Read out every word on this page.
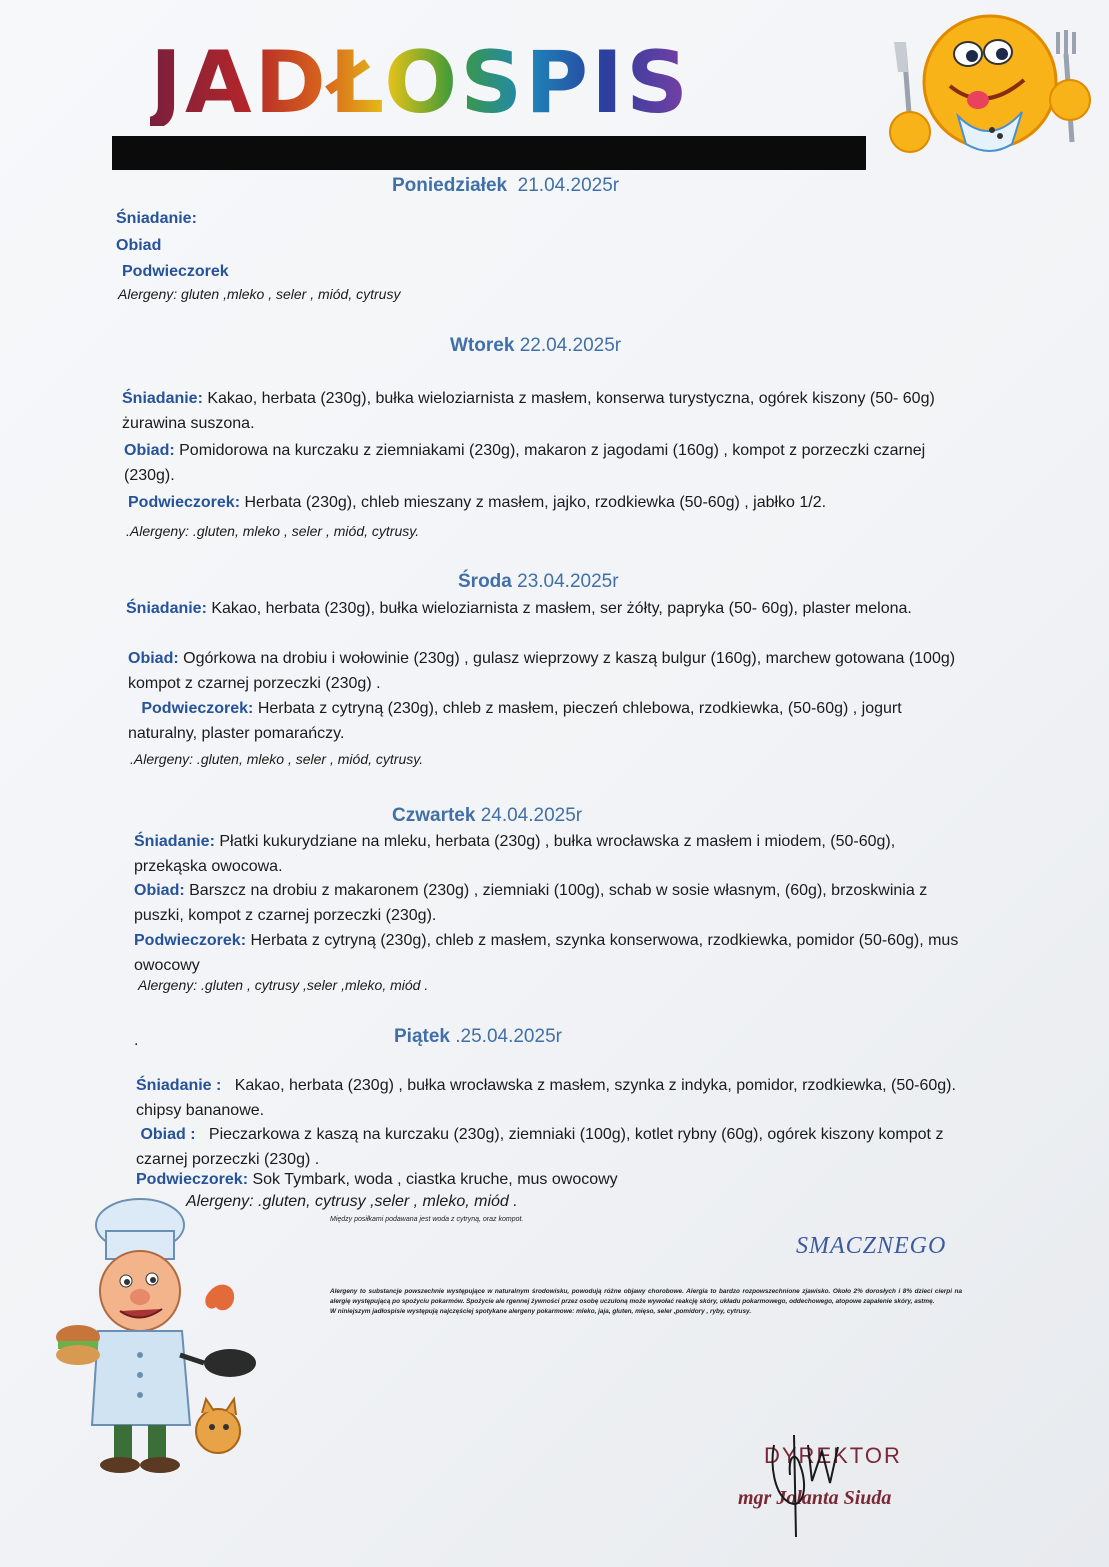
JADŁOSPIS
Poniedziałek 21.04.2025r
Śniadanie:
Obiad
Podwieczorek

Alergeny: gluten ,mleko , seler , miód, cytrusy

Wtorek 22.04.2025r

Śniadanie: Kakao, herbata (230g), bułka wieloziarnista z masłem, konserwa turystyczna, ogórek kiszony (50- 60g) żurawina suszona.

Obiad: Pomidorowa na kurczaku z ziemniakami (230g), makaron z jagodami (160g) , kompot z porzeczki czarnej (230g).

Podwieczorek: Herbata (230g), chleb mieszany z masłem, jajko, rzodkiewka (50-60g) , jabłko 1/2.

.Alergeny: .gluten, mleko , seler , miód, cytrusy.

Środa 23.04.2025r

Śniadanie: Kakao, herbata (230g), bułka wieloziarnista z masłem, ser żółty, papryka (50- 60g), plaster melona.

Obiad: Ogórkowa na drobiu i wołowinie (230g) , gulasz wieprzowy z kaszą bulgur (160g), marchew gotowana (100g) kompot z czarnej porzeczki (230g) .

Podwieczorek: Herbata z cytryną (230g), chleb z masłem, pieczeń chlebowa, rzodkiewka, (50-60g) , jogurt naturalny, plaster pomarańczy.

.Alergeny: .gluten, mleko , seler , miód, cytrusy.

Czwartek 24.04.2025r

Śniadanie: Płatki kukurydziane na mleku, herbata (230g) , bułka wrocławska z masłem i miodem, (50-60g), przekąska owocowa.

Obiad: Barszcz na drobiu z makaronem (230g) , ziemniaki (100g), schab w sosie własnym, (60g), brzoskwinia z puszki, kompot z czarnej porzeczki (230g).

Podwieczorek: Herbata z cytryną (230g), chleb z masłem, szynka konserwowa, rzodkiewka, pomidor (50-60g), mus owocowy

Alergeny: .gluten , cytrusy ,seler ,mleko, miód .

.	Piątek .25.04.2025r

Śniadanie : Kakao, herbata (230g) , bułka wrocławska z masłem, szynka z indyka, pomidor, rzodkiewka, (50-60g). chipsy bananowe.

Obiad : Pieczarkowa z kaszą na kurczaku (230g), ziemniaki (100g), kotlet rybny (60g), ogórek kiszony kompot z czarnej porzeczki (230g) .

Podwieczorek: Sok Tymbark, woda , ciastka kruche, mus owocowy

Alergeny: .gluten, cytrusy ,seler , mleko, miód .

Między posiłkami podawana jest woda z cytryną, oraz kompot.
SMACZNEGO

Alergeny to substancje powszechnie występujące w naturalnym środowisku, powodują różne objawy chorobowe. Alergia to bardzo rozpowszechnione zjawisko. Około 2% dorosłych i 8% dzieci cierpi na alergię występującą po spożyciu pokarmów. Spożycie ale rgennej żywności przez osobę uczuloną może wywołać reakcję skóry, układu pokarmowego, oddechowego, atopowe zapalenie skóry, astmę.
W niniejszym jadłospisie występują najczęściej spotykane alergeny pokarmowe: mleko, jaja, gluten, mięso, seler ,pomidory , ryby, cytrusy.

DYREKTOR
mgr Jolanta Siuda
